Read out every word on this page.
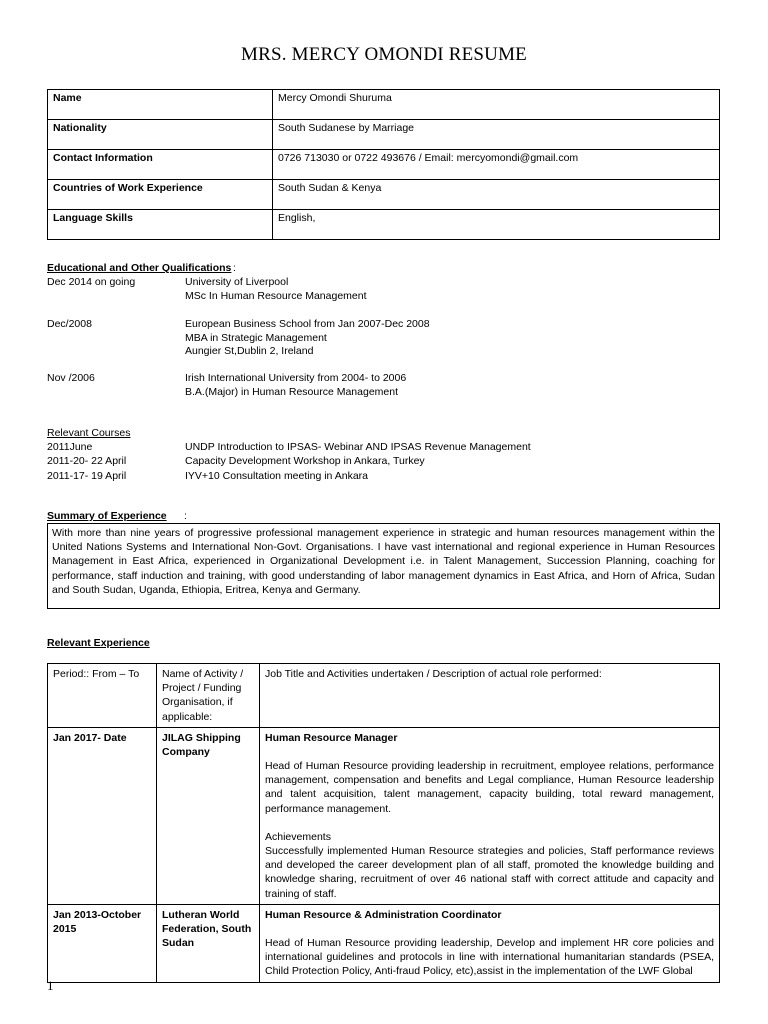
MRS. MERCY OMONDI RESUME
Name	Mercy Omondi Shuruma
Nationality	South Sudanese by Marriage
Contact Information	0726 713030 or 0722 493676 / Email: mercyomondi@gmail.com
Countries of Work Experience	South Sudan & Kenya
Language Skills	English,
Educational and Other Qualifications :
Dec 2014 on going	University of Liverpool
MSc In Human Resource Management
Dec/2008	European Business School from Jan 2007-Dec 2008
MBA in Strategic Management
Aungier St,Dublin 2, Ireland
Nov /2006	Irish International University from 2004- to 2006
B.A.(Major) in Human Resource Management
Relevant Courses
2011June	UNDP Introduction to IPSAS- Webinar AND IPSAS Revenue Management
2011-20- 22 April	Capacity Development Workshop in Ankara, Turkey
2011-17- 19 April	IYV+10 Consultation meeting in Ankara
Summary of Experience :
With more than nine years of progressive professional management experience in strategic and human resources management within the United Nations Systems and International Non-Govt. Organisations. I have vast international and regional experience in Human Resources Management in East Africa, experienced in Organizational Development i.e. in Talent Management, Succession Planning, coaching for performance, staff induction and training, with good understanding of labor management dynamics in East Africa, and Horn of Africa, Sudan and South Sudan, Uganda, Ethiopia, Eritrea, Kenya and Germany.
Relevant Experience
Period:: From – To	Name of Activity / Project / Funding Organisation, if applicable:	Job Title and Activities undertaken / Description of actual role performed:
Jan 2017- Date	JILAG Shipping Company	Human Resource Manager

Head of Human Resource providing leadership in recruitment, employee relations, performance management, compensation and benefits and Legal compliance, Human Resource leadership and talent acquisition, talent management, capacity building, total reward management, performance management.

Achievements

Successfully implemented Human Resource strategies and policies, Staff performance reviews and developed the career development plan of all staff, promoted the knowledge building and knowledge sharing, recruitment of over 46 national staff with correct attitude and capacity and training of staff.

Jan 2013-October 2015	Lutheran World Federation, South Sudan	Human Resource & Administration Coordinator

Head of Human Resource providing leadership, Develop and implement HR core policies and international guidelines and protocols in line with international humanitarian standards (PSEA, Child Protection Policy, Anti-fraud Policy, etc),assist in the implementation of the LWF Global

1
